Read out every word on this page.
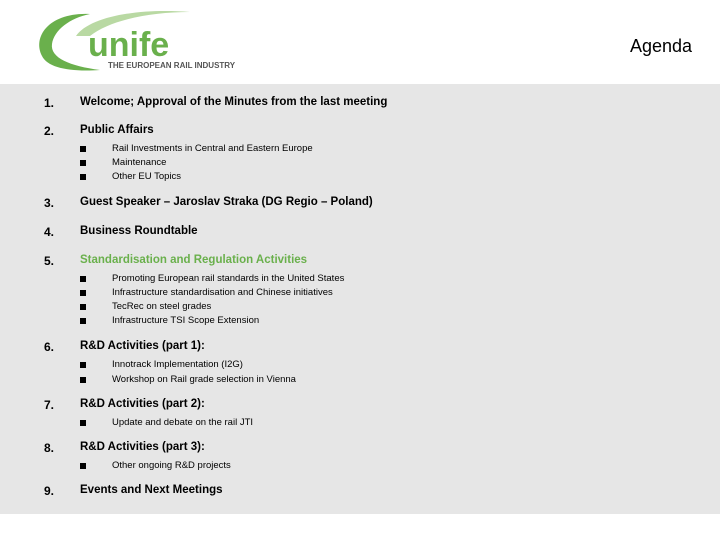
unife
THE EUROPEAN RAIL INDUSTRY
Agenda
1. Welcome; Approval of the Minutes from the last meeting
2. Public Affairs
Rail Investments in Central and Eastern Europe
Maintenance
Other EU Topics
3. Guest Speaker – Jaroslav Straka (DG Regio – Poland)
4. Business Roundtable
5. Standardisation and Regulation Activities
Promoting European rail standards in the United States
Infrastructure standardisation and Chinese initiatives
TecRec on steel grades
Infrastructure TSI Scope Extension
6. R&D Activities (part 1):
Innotrack Implementation (I2G)
Workshop on Rail grade selection in Vienna
7. R&D Activities (part 2):
Update and debate on the rail JTI
8. R&D Activities (part 3):
Other ongoing R&D projects
9. Events and Next Meetings
